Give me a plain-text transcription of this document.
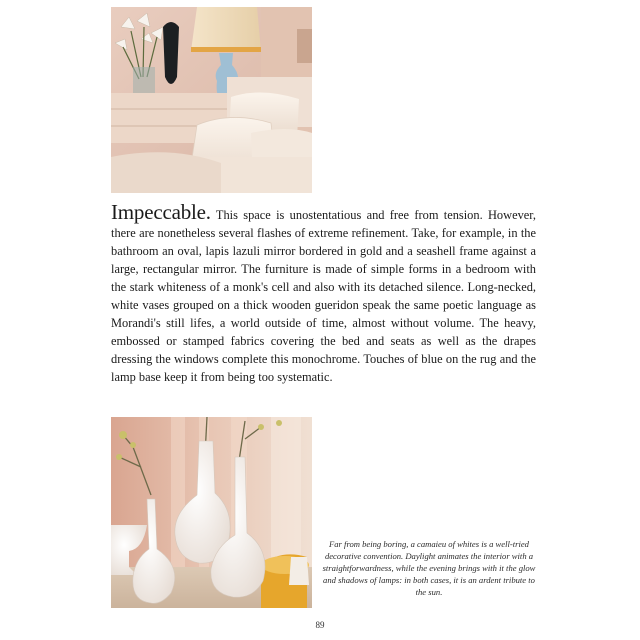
Impeccable. This space is unostentatious and free from tension. However, there are nonetheless several flashes of extreme refinement. Take, for example, in the bathroom an oval, lapis lazuli mirror bordered in gold and a seashell frame against a large, rectangular mirror. The furniture is made of simple forms in a bedroom with the stark whiteness of a monk's cell and also with its detached silence. Long-necked, white vases grouped on a thick wooden gueridon speak the same poetic language as Morandi's still lifes, a world outside of time, almost without volume. The heavy, embossed or stamped fabrics covering the bed and seats as well as the drapes dressing the windows complete this monochrome. Touches of blue on the rug and the lamp base keep it from being too systematic.

Far from being boring, a camaieu of whites is a well-tried decorative convention. Daylight animates the interior with a straightforwardness, while the evening brings with it the glow and shadows of lamps: in both cases, it is an ardent tribute to the sun.

89
